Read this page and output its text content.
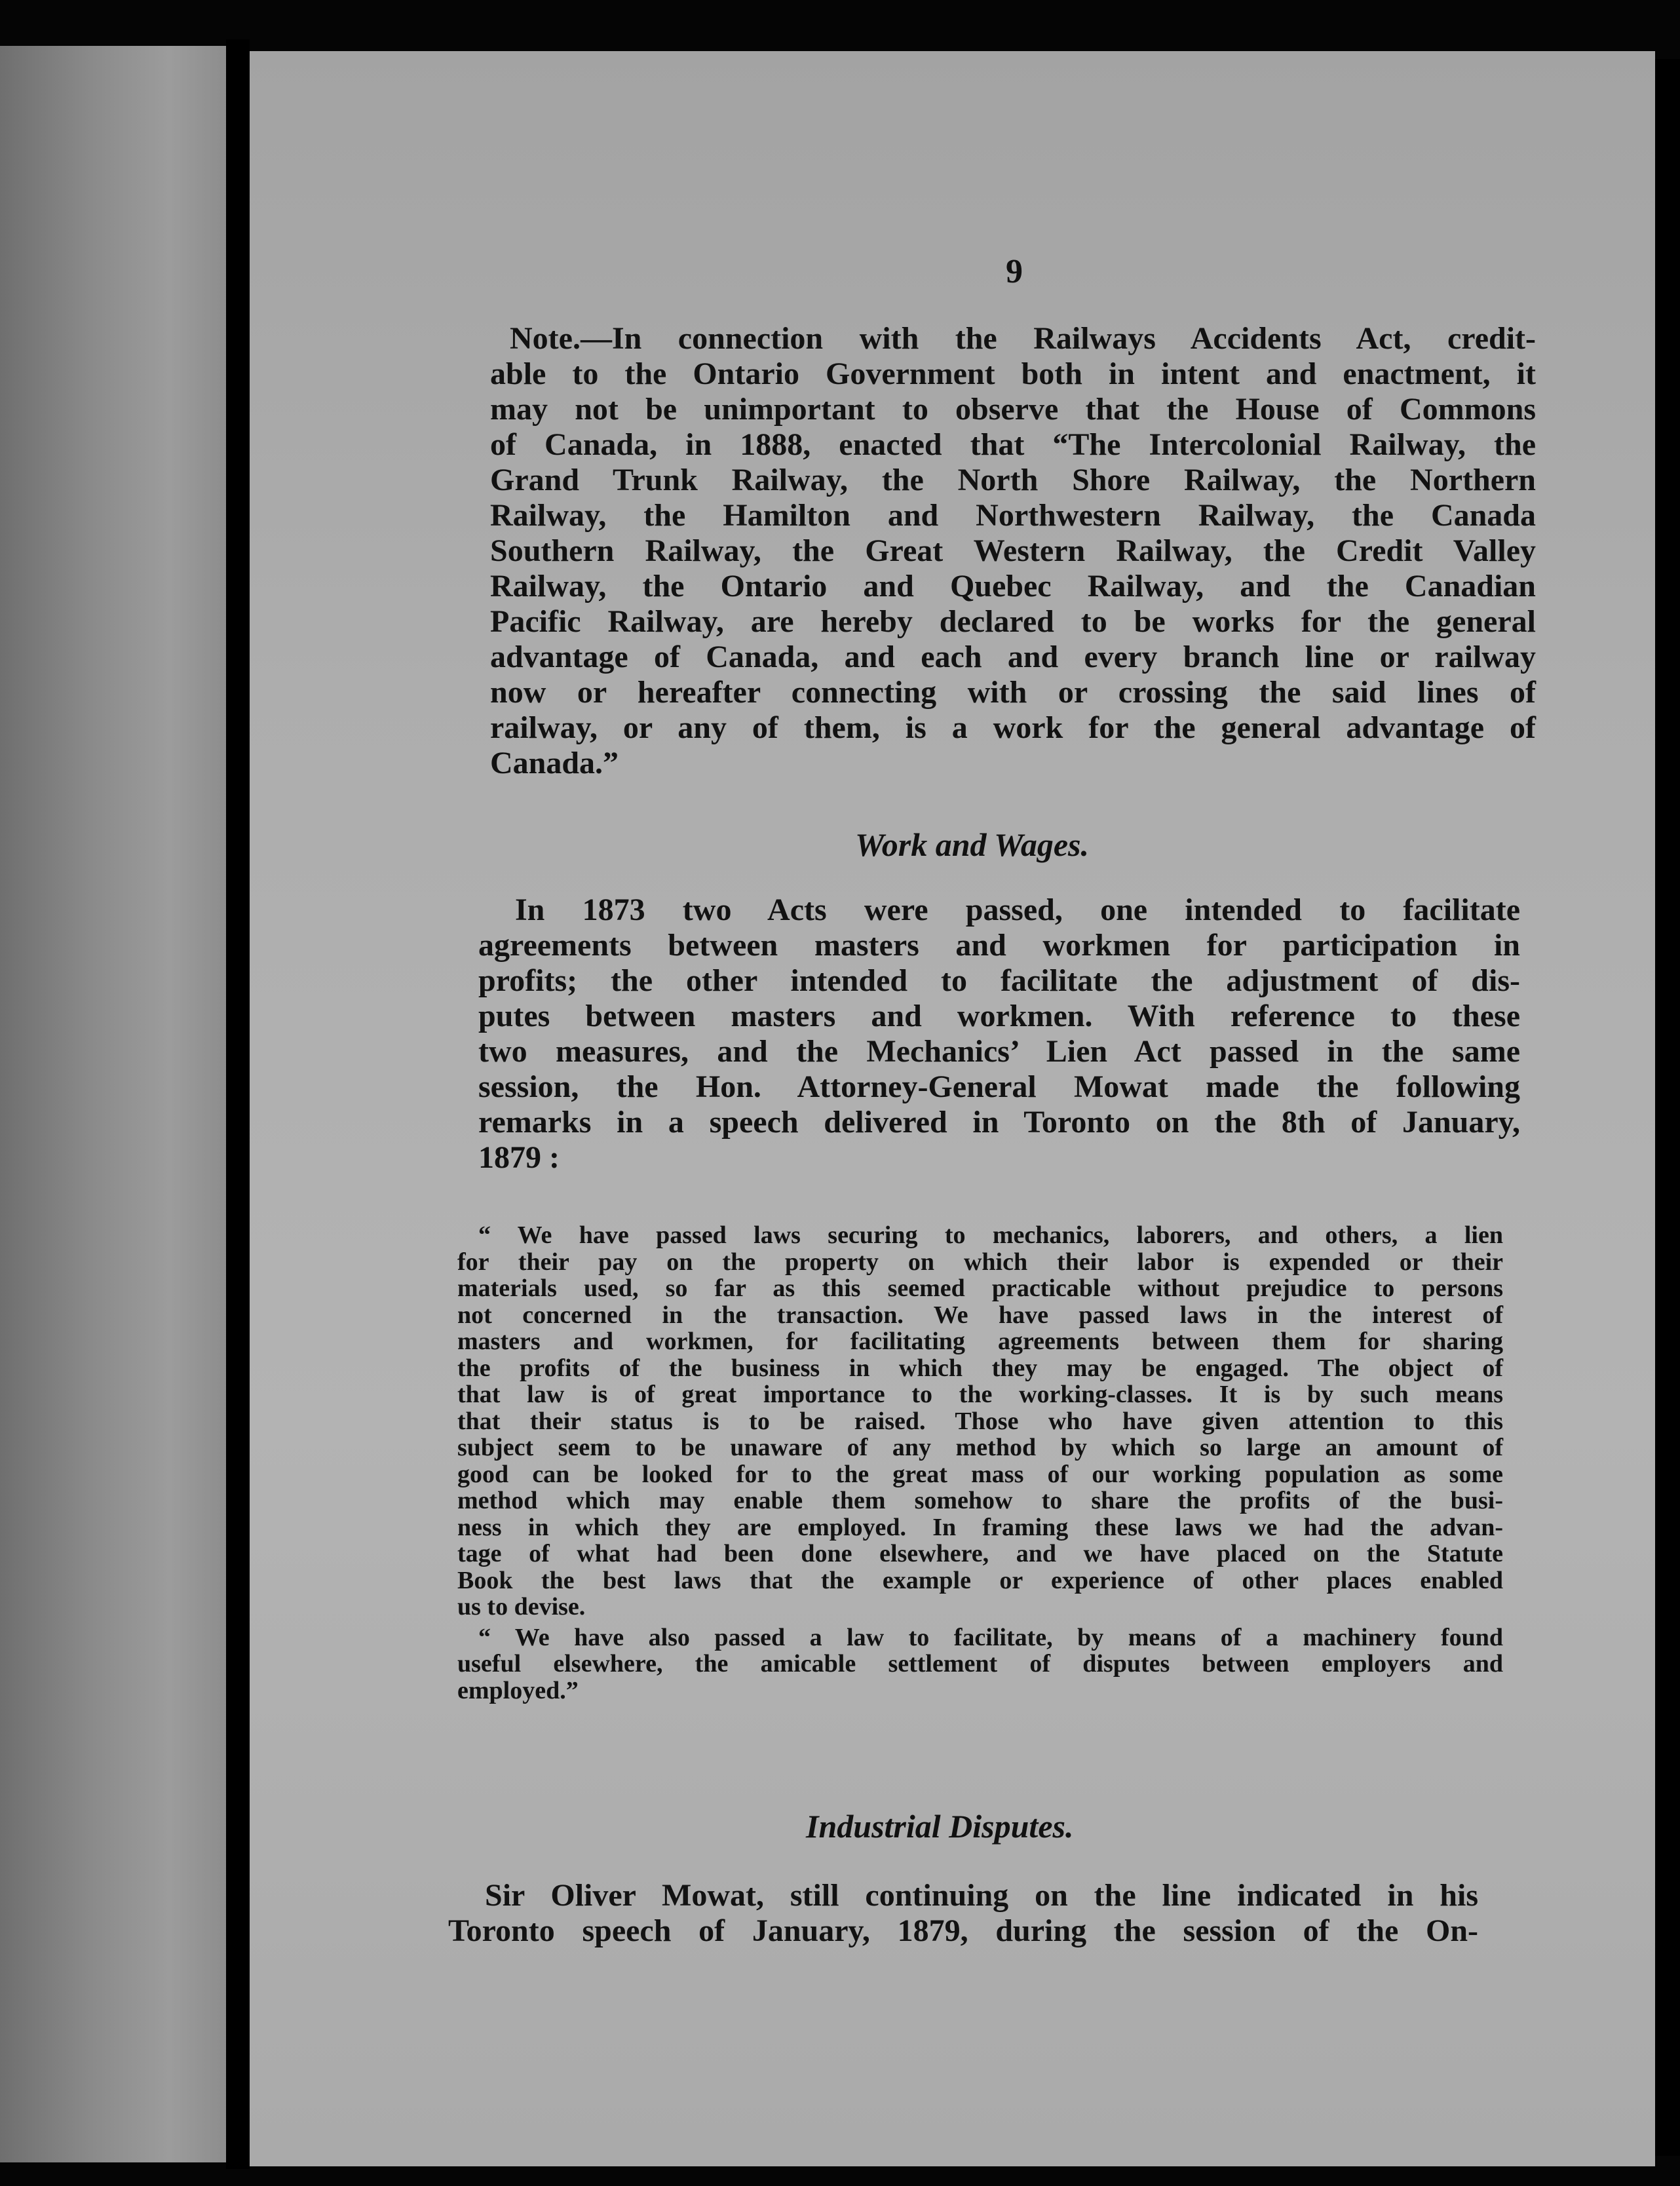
9
Note.—In connection with the Railways Accidents Act, credit-
able to the Ontario Government both in intent and enactment, it
may not be unimportant to observe that the House of Commons
of Canada, in 1888, enacted that “The Intercolonial Railway, the
Grand Trunk Railway, the North Shore Railway, the Northern
Railway, the Hamilton and Northwestern Railway, the Canada
Southern Railway, the Great Western Railway, the Credit Valley
Railway, the Ontario and Quebec Railway, and the Canadian
Pacific Railway, are hereby declared to be works for the general
advantage of Canada, and each and every branch line or railway
now or hereafter connecting with or crossing the said lines of
railway, or any of them, is a work for the general advantage of
Canada.”
Work and Wages.
In 1873 two Acts were passed, one intended to facilitate
agreements between masters and workmen for participation in
profits; the other intended to facilitate the adjustment of dis-
putes between masters and workmen. With reference to these
two measures, and the Mechanics’ Lien Act passed in the same
session, the Hon. Attorney-General Mowat made the following
remarks in a speech delivered in Toronto on the 8th of January,
1879 :
“ We have passed laws securing to mechanics, laborers, and others, a lien
for their pay on the property on which their labor is expended or their
materials used, so far as this seemed practicable without prejudice to persons
not concerned in the transaction. We have passed laws in the interest of
masters and workmen, for facilitating agreements between them for sharing
the profits of the business in which they may be engaged. The object of
that law is of great importance to the working-classes. It is by such means
that their status is to be raised. Those who have given attention to this
subject seem to be unaware of any method by which so large an amount of
good can be looked for to the great mass of our working population as some
method which may enable them somehow to share the profits of the busi-
ness in which they are employed. In framing these laws we had the advan-
tage of what had been done elsewhere, and we have placed on the Statute
Book the best laws that the example or experience of other places enabled
us to devise.
“ We have also passed a law to facilitate, by means of a machinery found
useful elsewhere, the amicable settlement of disputes between employers and
employed.”
Industrial Disputes.
Sir Oliver Mowat, still continuing on the line indicated in his
Toronto speech of January, 1879, during the session of the On-
